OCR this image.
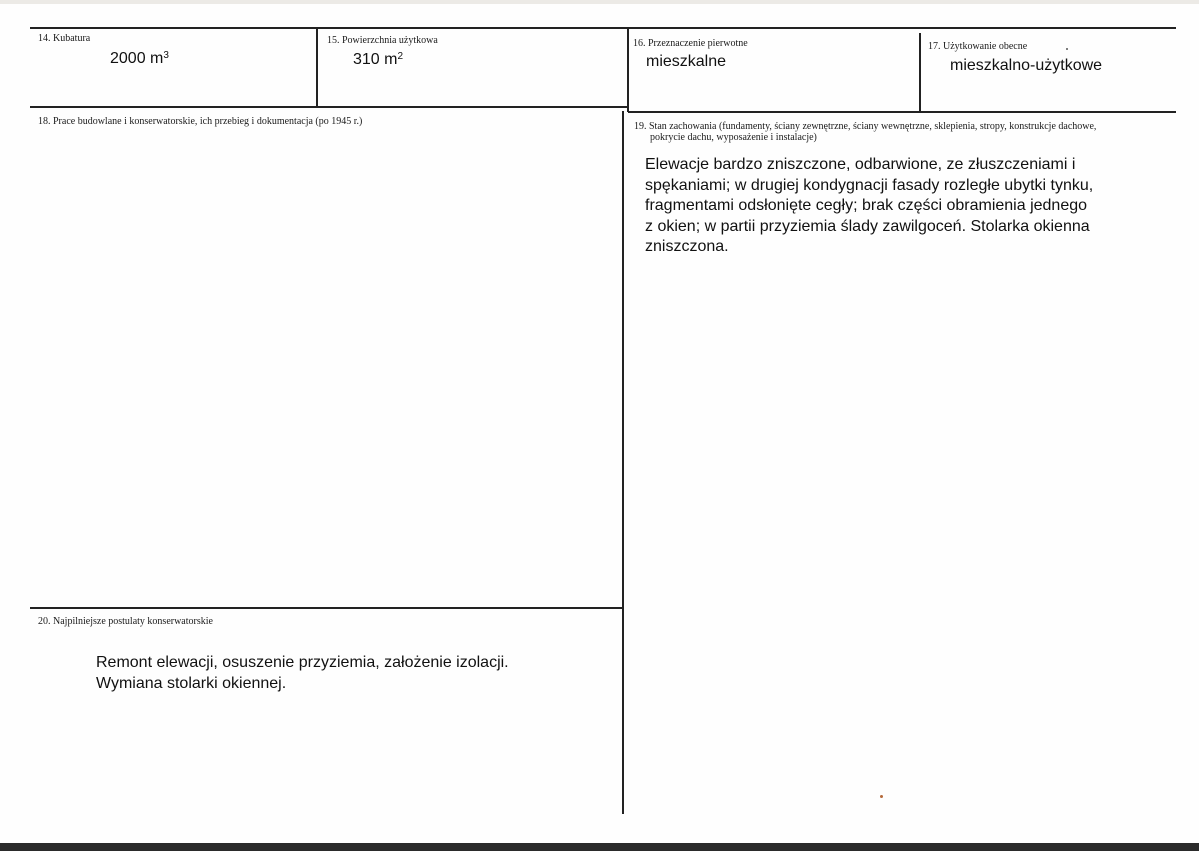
14. Kubatura
2000 $m^3$
15. Powierzchnia użytkowa
310 $m^2$
16. Przeznaczenie pierwotne
mieszkalne
17. Użytkowanie obecne
mieszkalno-użytkowe
18. Prace budowlane i konserwatorskie, ich przebieg i dokumentacja (po 1945 r.)	19. Stan zachowania (fundamenty, ściany zewnętrzne, ściany wewnętrzne, sklepienia, stropy, konstrukcje dachowe,
pokrycie dachu, wyposażenie i instalacje)
Elewacje bardzo zniszczone, odbarwione, ze złuszczeniami i
spękaniami; w drugiej kondygnacji fasady rozległe ubytki tynku,
fragmentami odsłonięte cegły; brak części obramienia jednego
z okien; w partii przyziemia ślady zawilgoceń. Stolarka okienna
zniszczona.
20. Najpilniejsze postulaty konserwatorskie
Remont elewacji, osuszenie przyziemia, założenie izolacji.
Wymiana stolarki okiennej.
